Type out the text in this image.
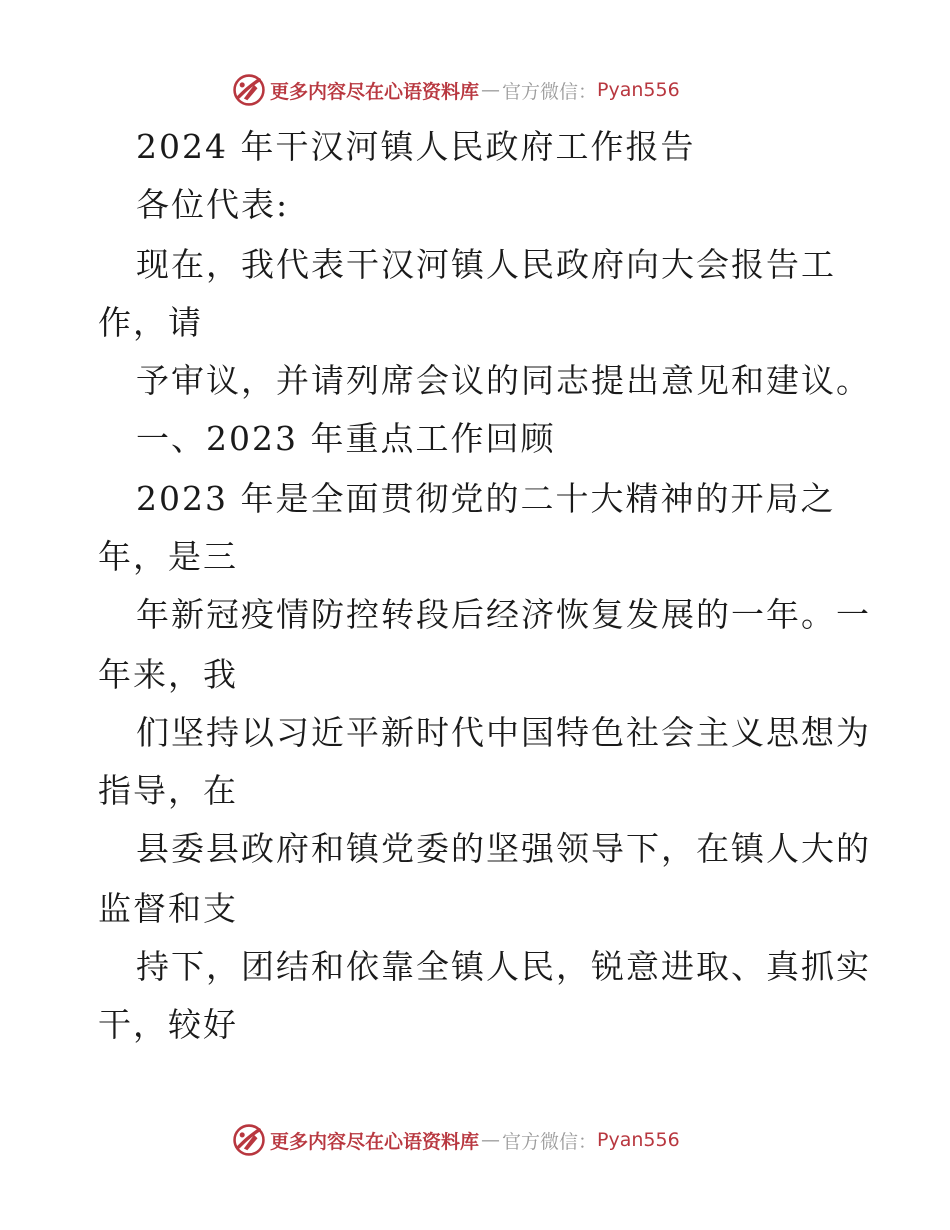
更多内容尽在心语资料库 — 官方微信： Pyan556
2024 年干汉河镇人民政府工作报告
各位代表:
现在，我代表干汉河镇人民政府向大会报告工
作，请
予审议，并请列席会议的同志提出意见和建议。
一、2023 年重点工作回顾
2023 年是全面贯彻党的二十大精神的开局之
年，是三
年新冠疫情防控转段后经济恢复发展的一年。一
年来，我
们坚持以习近平新时代中国特色社会主义思想为
指导，在
县委县政府和镇党委的坚强领导下，在镇人大的
监督和支
持下，团结和依靠全镇人民，锐意进取、真抓实
干，较好
更多内容尽在心语资料库 — 官方微信： Pyan556
